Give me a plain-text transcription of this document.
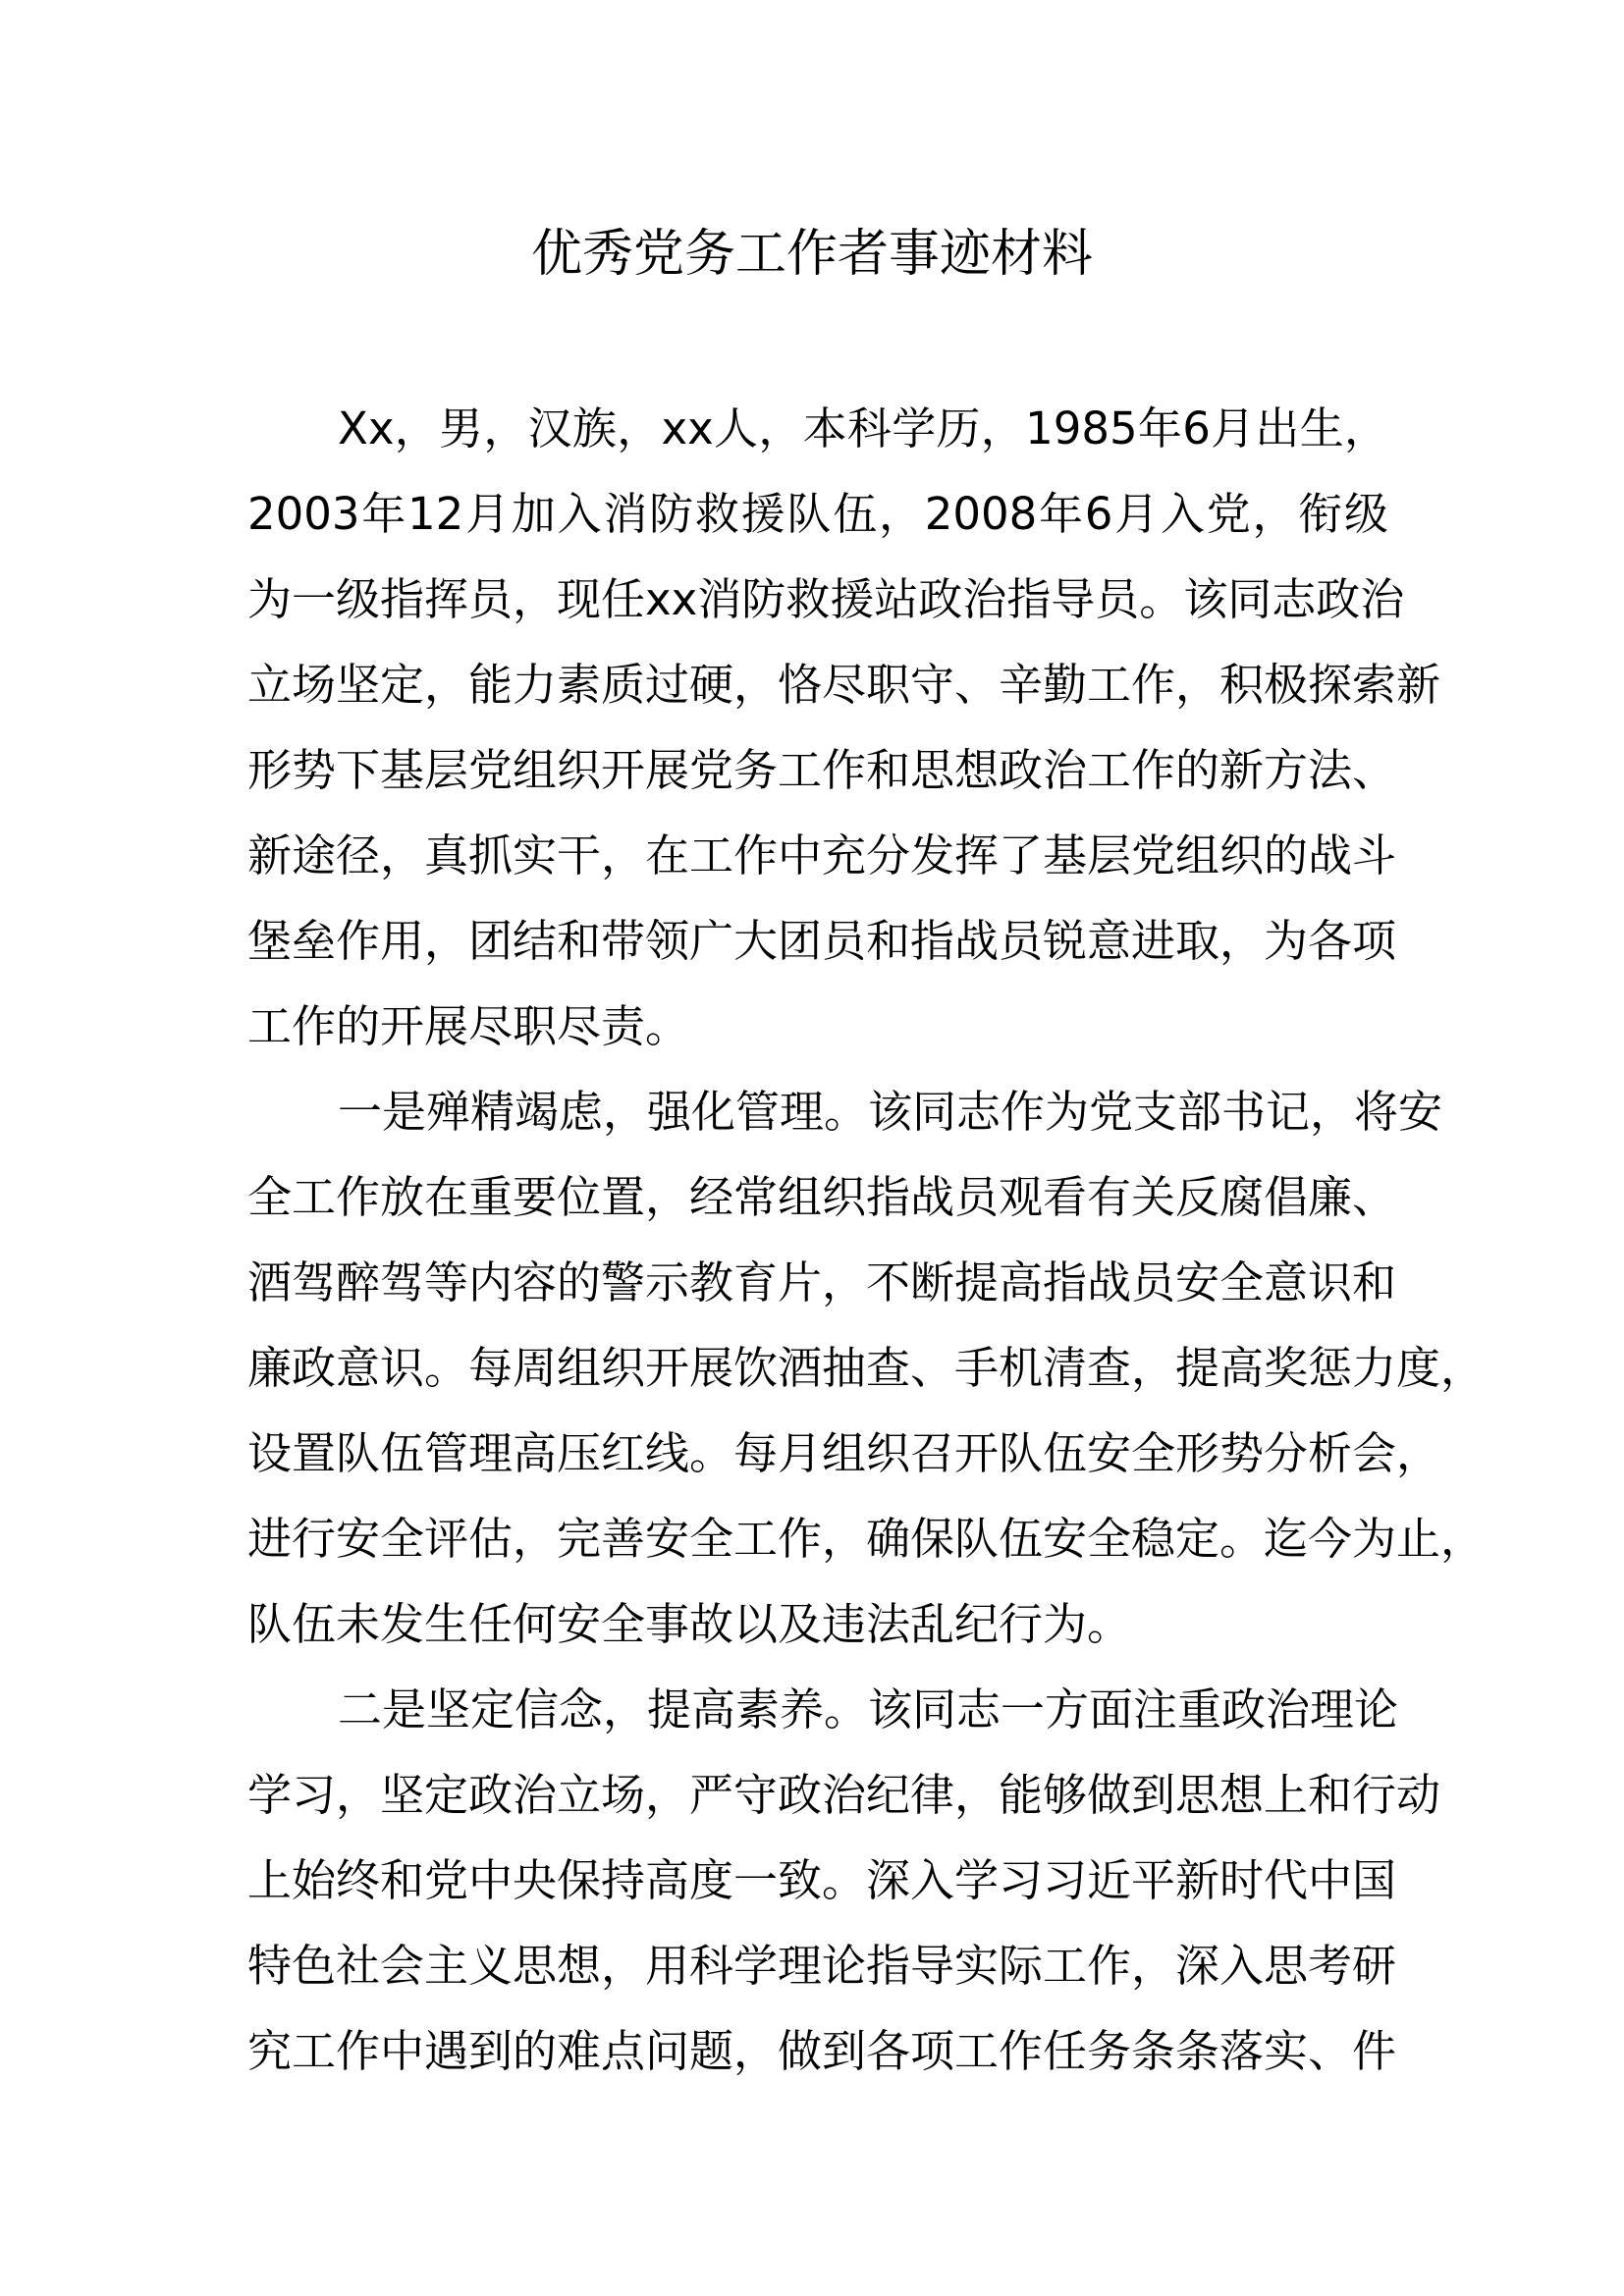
优秀党务工作者事迹材料

Xx，男，汉族，xx人，本科学历，1985年6月出生，
2003年12月加入消防救援队伍，2008年6月入党，衔级
为一级指挥员，现任xx消防救援站政治指导员。该同志政治
立场坚定，能力素质过硬，恪尽职守、辛勤工作，积极探索新
形势下基层党组织开展党务工作和思想政治工作的新方法、
新途径，真抓实干，在工作中充分发挥了基层党组织的战斗
堡垒作用，团结和带领广大团员和指战员锐意进取，为各项
工作的开展尽职尽责。

一是殚精竭虑，强化管理。该同志作为党支部书记，将安
全工作放在重要位置，经常组织指战员观看有关反腐倡廉、
酒驾醉驾等内容的警示教育片，不断提高指战员安全意识和
廉政意识。每周组织开展饮酒抽查、手机清查，提高奖惩力度，
设置队伍管理高压红线。每月组织召开队伍安全形势分析会，
进行安全评估，完善安全工作，确保队伍安全稳定。迄今为止，
队伍未发生任何安全事故以及违法乱纪行为。

二是坚定信念，提高素养。该同志一方面注重政治理论
学习，坚定政治立场，严守政治纪律，能够做到思想上和行动
上始终和党中央保持高度一致。深入学习习近平新时代中国
特色社会主义思想，用科学理论指导实际工作，深入思考研
究工作中遇到的难点问题，做到各项工作任务条条落实、件
